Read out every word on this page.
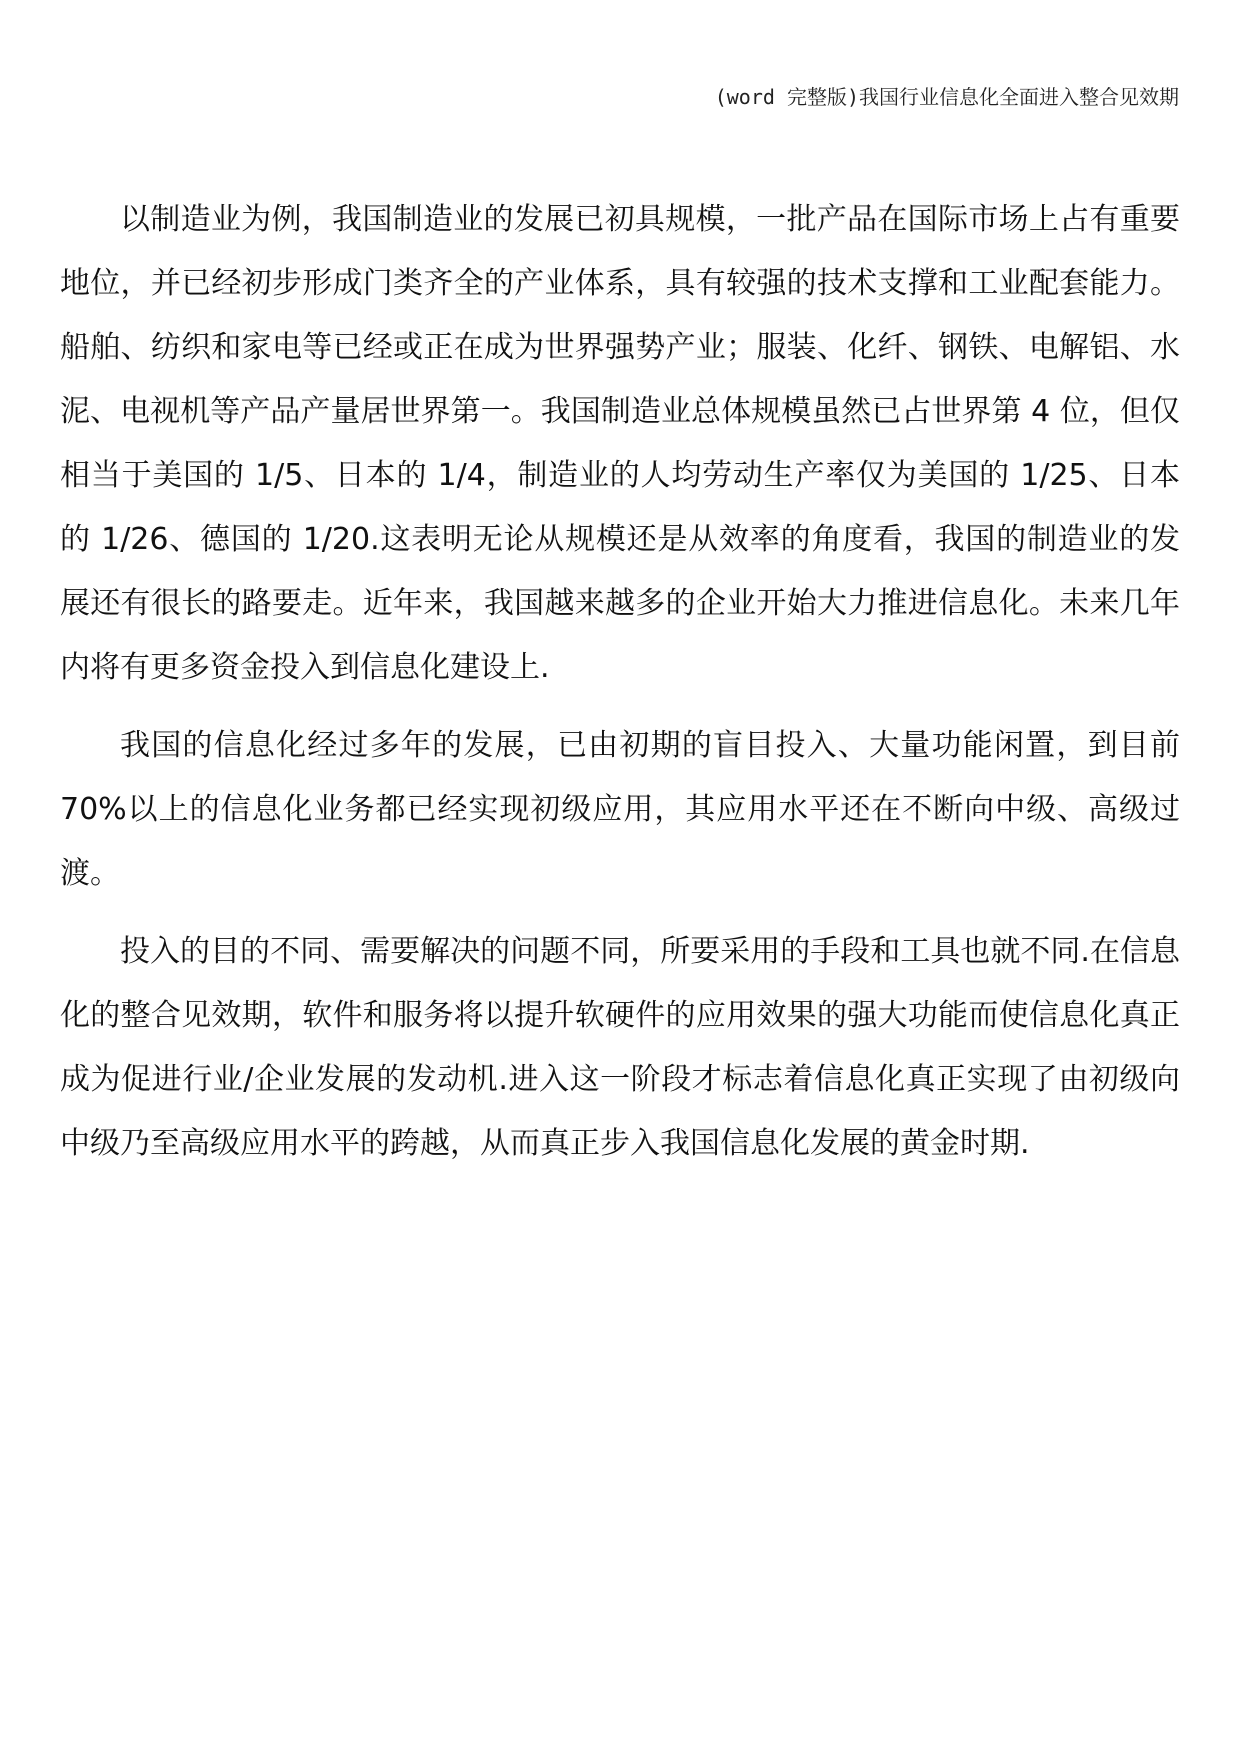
(word 完整版)我国行业信息化全面进入整合见效期

以制造业为例，我国制造业的发展已初具规模，一批产品在国际市场上占有重要地位，并已经初步形成门类齐全的产业体系，具有较强的技术支撑和工业配套能力。船舶、纺织和家电等已经或正在成为世界强势产业；服装、化纤、钢铁、电解铝、水泥、电视机等产品产量居世界第一。我国制造业总体规模虽然已占世界第 4 位，但仅相当于美国的 1/5、日本的 1/4，制造业的人均劳动生产率仅为美国的 1/25、日本的 1/26、德国的 1/20.这表明无论从规模还是从效率的角度看，我国的制造业的发展还有很长的路要走。近年来，我国越来越多的企业开始大力推进信息化。未来几年内将有更多资金投入到信息化建设上.

我国的信息化经过多年的发展，已由初期的盲目投入、大量功能闲置，到目前 70%以上的信息化业务都已经实现初级应用，其应用水平还在不断向中级、高级过渡。

投入的目的不同、需要解决的问题不同，所要采用的手段和工具也就不同.在信息化的整合见效期，软件和服务将以提升软硬件的应用效果的强大功能而使信息化真正成为促进行业/企业发展的发动机.进入这一阶段才标志着信息化真正实现了由初级向中级乃至高级应用水平的跨越，从而真正步入我国信息化发展的黄金时期.
